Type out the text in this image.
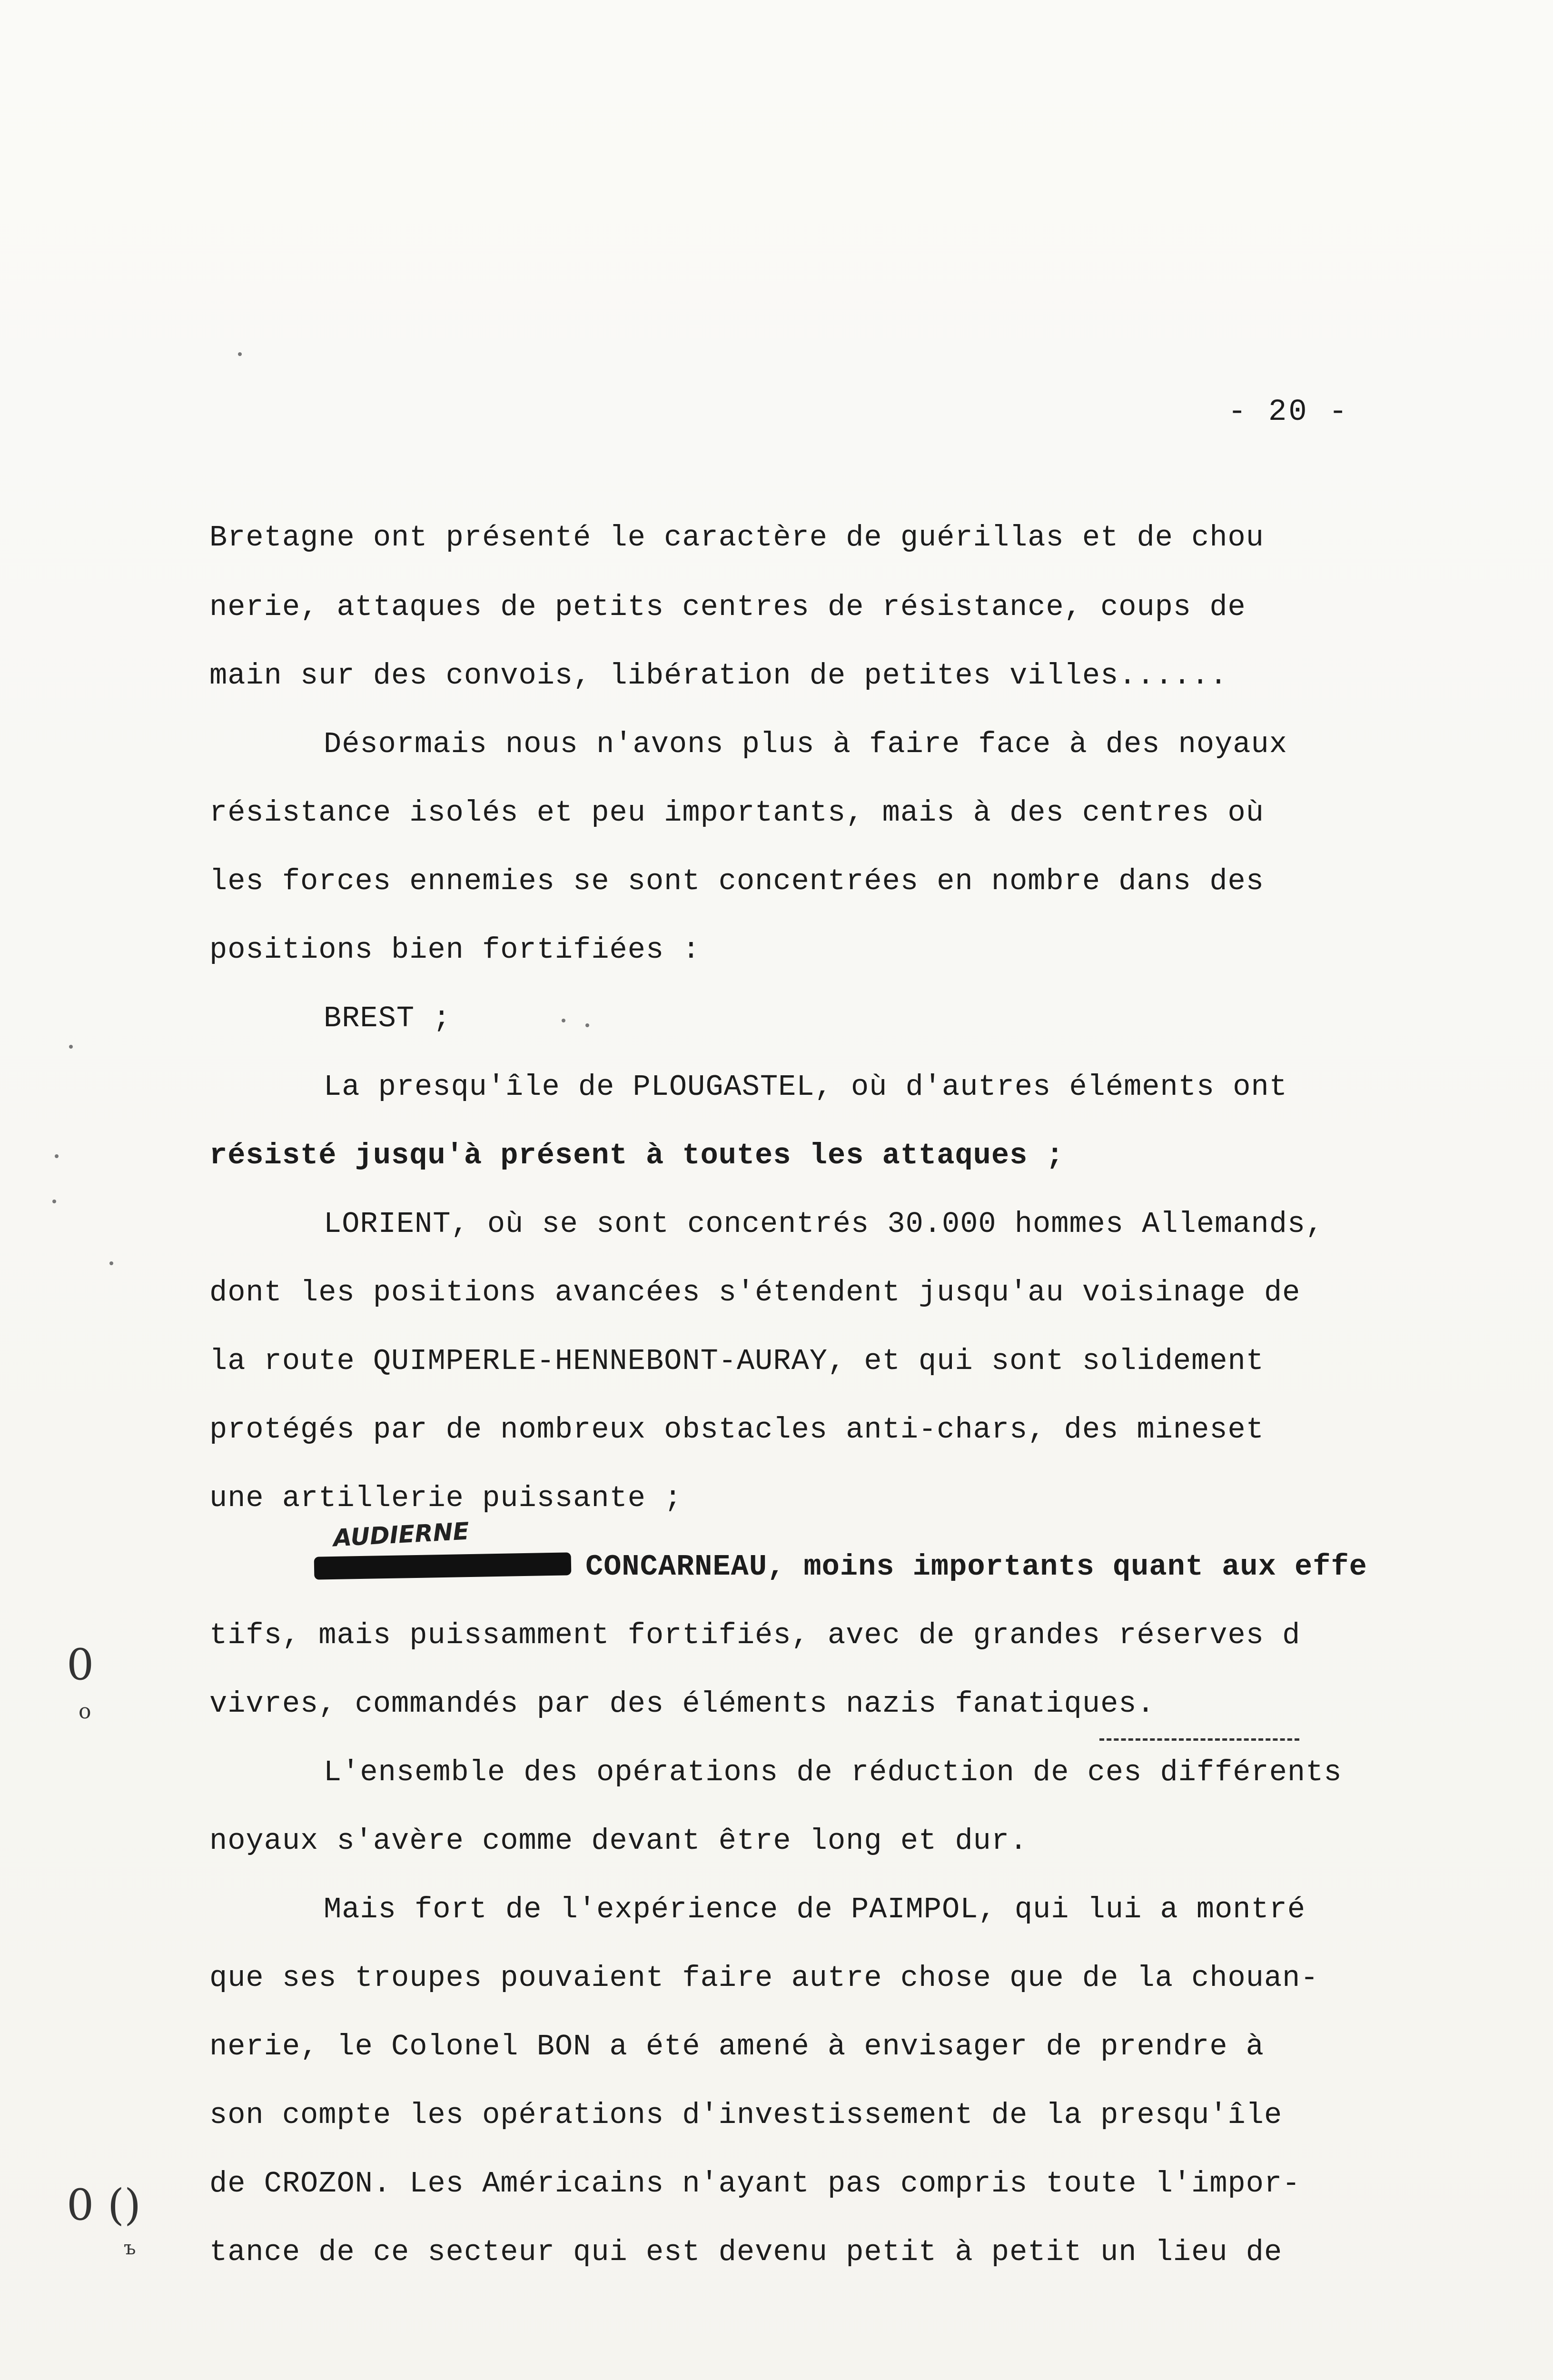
- 20 -
AUDIERNE
Bretagne ont présenté le caractère de guérillas et de chou
nerie, attaques de petits centres de résistance, coups de
main sur des convois, libération de petites villes......
Désormais nous n'avons plus à faire face à des noyaux
résistance isolés et peu importants, mais à des centres où
les forces ennemies se sont concentrées en nombre dans des
positions bien fortifiées :
BREST ;
La presqu'île de PLOUGASTEL, où d'autres éléments ont
résisté jusqu'à présent à toutes les attaques ;
LORIENT, où se sont concentrés 30.000 hommes Allemands,
dont les positions avancées s'étendent jusqu'au voisinage de
la route QUIMPERLE-HENNEBONT-AURAY, et qui sont solidement
protégés par de nombreux obstacles anti-chars, des mineset
une artillerie puissante ;
CONCARNEAU, moins importants quant aux effe
tifs, mais puissamment fortifiés, avec de grandes réserves d
vivres, commandés par des éléments nazis fanatiques.
L'ensemble des opérations de réduction de ces différents
noyaux s'avère comme devant être long et dur.
Mais fort de l'expérience de PAIMPOL, qui lui a montré
que ses troupes pouvaient faire autre chose que de la chouan-
nerie, le Colonel BON a été amené à envisager de prendre à
son compte les opérations d'investissement de la presqu'île
de CROZON. Les Américains n'ayant pas compris toute l'impor-
tance de ce secteur qui est devenu petit à petit un lieu de
0
o
0 ()
ъ
